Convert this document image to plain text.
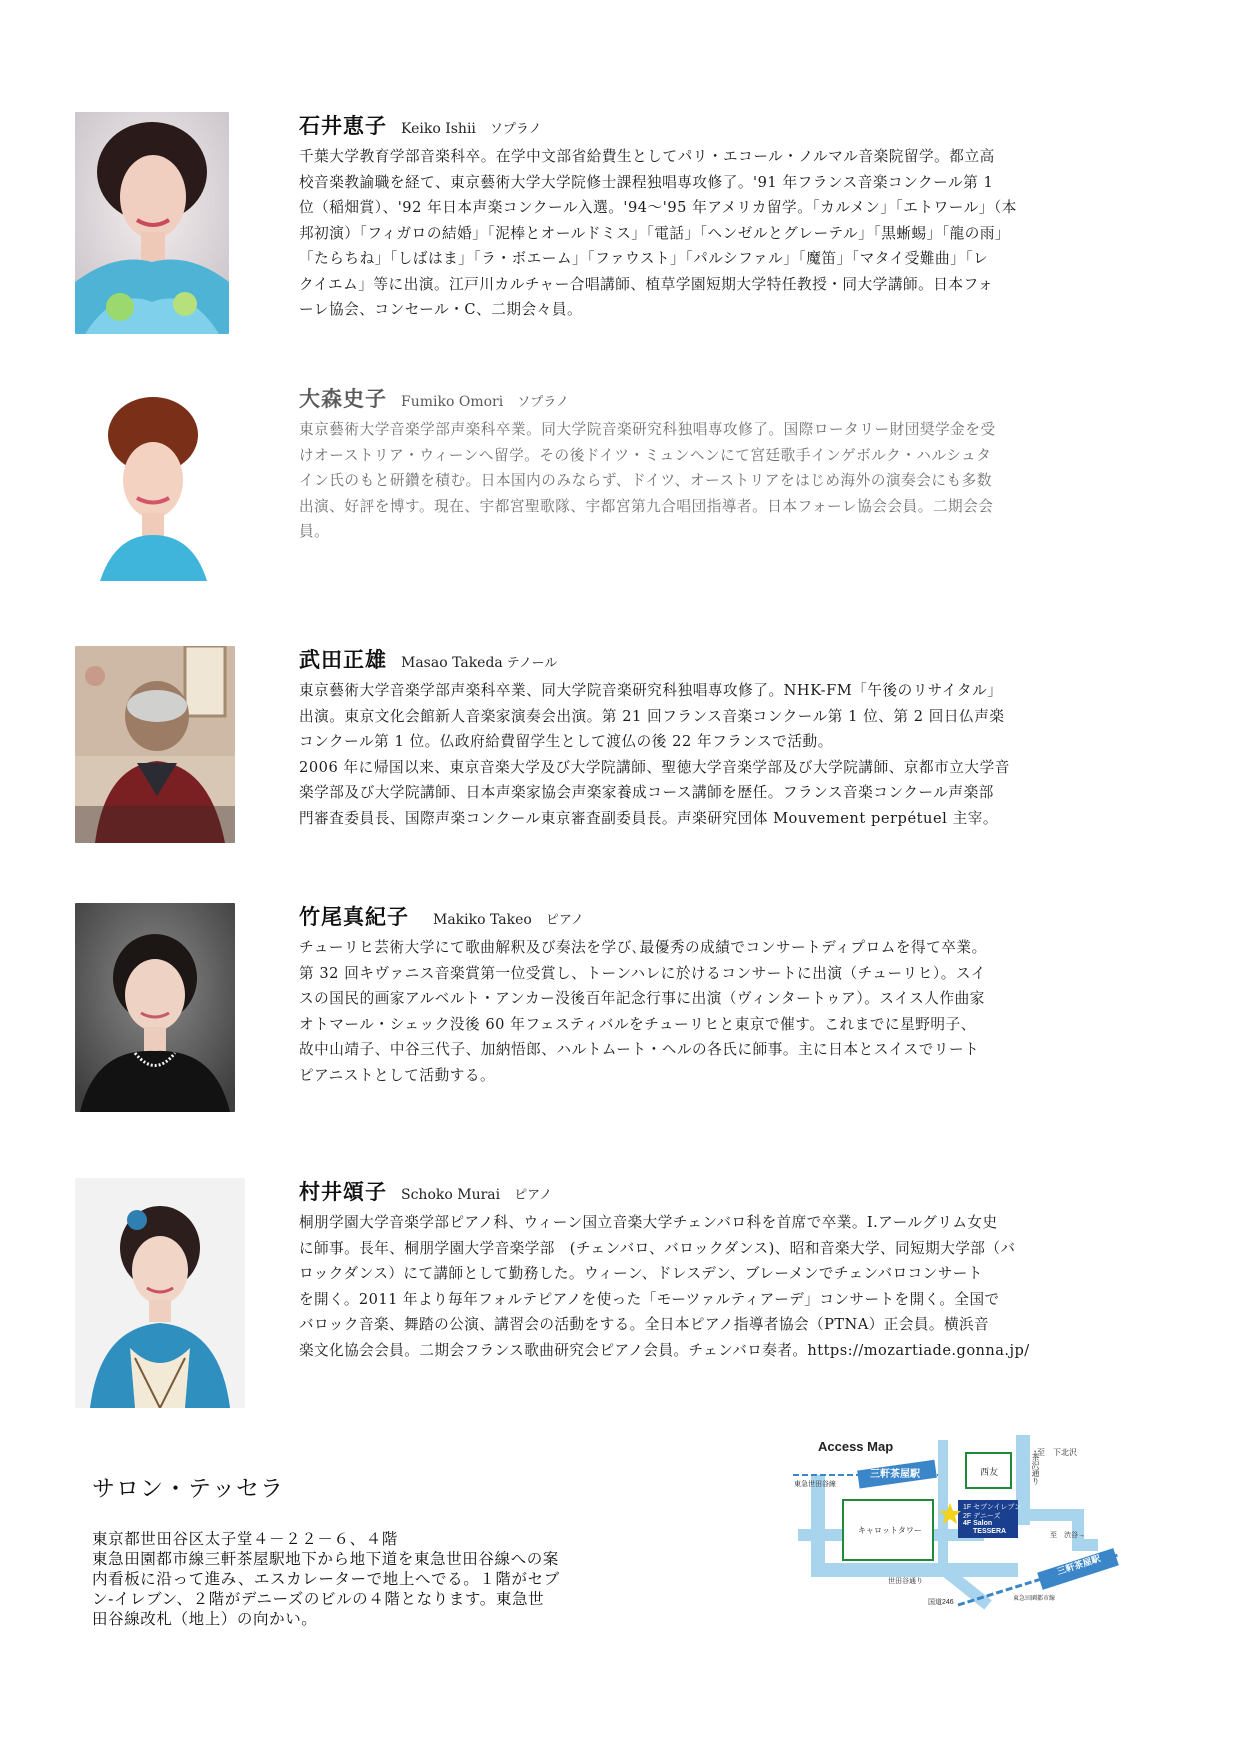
石井恵子 Keiko Ishii ソプラノ
千葉大学教育学部音楽科卒。在学中文部省給費生としてパリ・エコール・ノルマル音楽院留学。都立高
校音楽教諭職を経て、東京藝術大学大学院修士課程独唱専攻修了。'91 年フランス音楽コンクール第 1
位（稲畑賞）、'92 年日本声楽コンクール入選。'94〜'95 年アメリカ留学。「カルメン」「エトワール」（本
邦初演）「フィガロの結婚」「泥棒とオールドミス」「電話」「ヘンゼルとグレーテル」「黒蜥蜴」「龍の雨」
「たらちね」「しばはま」「ラ・ボエーム」「ファウスト」「パルシファル」「魔笛」「マタイ受難曲」「レ
クイエム」等に出演。江戸川カルチャー合唱講師、植草学園短期大学特任教授・同大学講師。日本フォ
ーレ協会、コンセール・C、二期会々員。
大森史子 Fumiko Omori ソプラノ
東京藝術大学音楽学部声楽科卒業。同大学院音楽研究科独唱専攻修了。国際ロータリー財団奨学金を受
けオーストリア・ウィーンへ留学。その後ドイツ・ミュンヘンにて宮廷歌手インゲボルク・ハルシュタ
イン氏のもと研鑽を積む。日本国内のみならず、ドイツ、オーストリアをはじめ海外の演奏会にも多数
出演、好評を博す。現在、宇都宮聖歌隊、宇都宮第九合唱団指導者。日本フォーレ協会会員。二期会会
員。
武田正雄 Masao Takeda テノール
東京藝術大学音楽学部声楽科卒業、同大学院音楽研究科独唱専攻修了。NHK-FM「午後のリサイタル」
出演。東京文化会館新人音楽家演奏会出演。第 21 回フランス音楽コンクール第 1 位、第 2 回日仏声楽
コンクール第 1 位。仏政府給費留学生として渡仏の後 22 年フランスで活動。
2006 年に帰国以来、東京音楽大学及び大学院講師、聖徳大学音楽学部及び大学院講師、京都市立大学音
楽学部及び大学院講師、日本声楽家協会声楽家養成コース講師を歴任。フランス音楽コンクール声楽部
門審査委員長、国際声楽コンクール東京審査副委員長。声楽研究団体 Mouvement perpétuel 主宰。
竹尾真紀子 Makiko Takeo ピアノ
チューリヒ芸術大学にて歌曲解釈及び奏法を学び､最優秀の成績でコンサートディプロムを得て卒業。
第 32 回キヴァニス音楽賞第一位受賞し、トーンハレに於けるコンサートに出演（チューリヒ）。スイ
スの国民的画家アルベルト・アンカー没後百年記念行事に出演（ヴィンタートゥア）。スイス人作曲家
オトマール・シェック没後 60 年フェスティバルをチューリヒと東京で催す。これまでに星野明子、
故中山靖子、中谷三代子、加納悟郎、ハルトムート・ヘルの各氏に師事。主に日本とスイスでリート
ピアニストとして活動する。
村井頌子 Schoko Murai ピアノ
桐朋学園大学音楽学部ピアノ科、ウィーン国立音楽大学チェンバロ科を首席で卒業。I.アールグリム女史
に師事。長年、桐朋学園大学音楽学部　(チェンバロ、バロックダンス)、昭和音楽大学、同短期大学部（バ
ロックダンス）にて講師として勤務した。ウィーン、ドレスデン、ブレーメンでチェンバロコンサート
を開く。2011 年より毎年フォルテピアノを使った「モーツァルティアーデ」コンサートを開く。全国で
バロック音楽、舞踏の公演、講習会の活動をする。全日本ピアノ指導者協会（PTNA）正会員。横浜音
楽文化協会会員。二期会フランス歌曲研究会ピアノ会員。チェンバロ奏者。https://mozartiade.gonna.jp/
サロン・テッセラ
東京都世田谷区太子堂４－２２－６、４階
東急田園都市線三軒茶屋駅地下から地下道を東急世田谷線への案
内看板に沿って進み、エスカレーターで地上へでる。１階がセブ
ン-イレブン、２階がデニーズのビルの４階となります。東急世
田谷線改札（地上）の向かい。
Access Map	↑至　下北沢
西友	茶沢通り
東急世田谷線
三軒茶屋駅
キャロットタワー
1F セブンイレブン
2F デニーズ
4F Salon
TESSERA
至　渋谷→
世田谷通り
三軒茶屋駅
国道246	東急田園都市線
